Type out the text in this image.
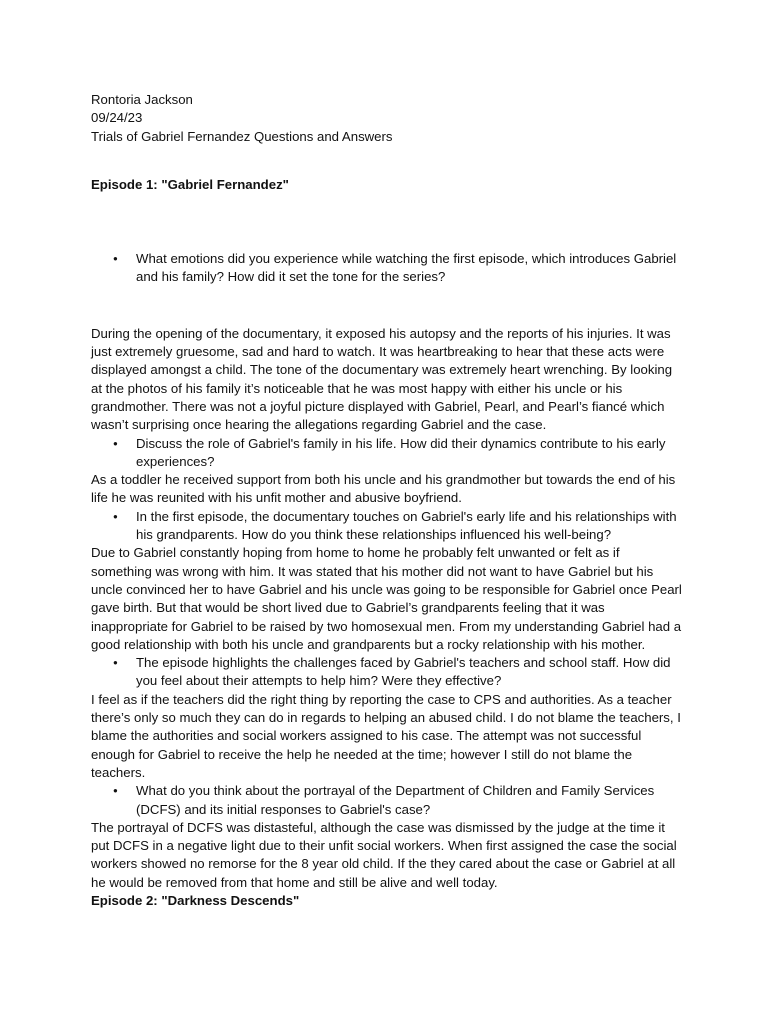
Rontoria Jackson

09/24/23

Trials of Gabriel Fernandez Questions and Answers

Episode 1: "Gabriel Fernandez"

● What emotions did you experience while watching the first episode, which introduces Gabriel and his family? How did it set the tone for the series?

During the opening of the documentary, it exposed his autopsy and the reports of his injuries. It was just extremely gruesome, sad and hard to watch. It was heartbreaking to hear that these acts were displayed amongst a child. The tone of the documentary was extremely heart wrenching. By looking at the photos of his family it’s noticeable that he was most happy with either his uncle or his grandmother. There was not a joyful picture displayed with Gabriel, Pearl, and Pearl’s fiancé which wasn’t surprising once hearing the allegations regarding Gabriel and the case.

● Discuss the role of Gabriel's family in his life. How did their dynamics contribute to his early experiences?

As a toddler he received support from both his uncle and his grandmother but towards the end of his life he was reunited with his unfit mother and abusive boyfriend.

● In the first episode, the documentary touches on Gabriel's early life and his relationships with his grandparents. How do you think these relationships influenced his well-being?

Due to Gabriel constantly hoping from home to home he probably felt unwanted or felt as if something was wrong with him. It was stated that his mother did not want to have Gabriel but his uncle convinced her to have Gabriel and his uncle was going to be responsible for Gabriel once Pearl gave birth. But that would be short lived due to Gabriel’s grandparents feeling that it was inappropriate for Gabriel to be raised by two homosexual men. From my understanding Gabriel had a good relationship with both his uncle and grandparents but a rocky relationship with his mother.

● The episode highlights the challenges faced by Gabriel's teachers and school staff. How did you feel about their attempts to help him? Were they effective?

I feel as if the teachers did the right thing by reporting the case to CPS and authorities. As a teacher there’s only so much they can do in regards to helping an abused child. I do not blame the teachers, I blame the authorities and social workers assigned to his case. The attempt was not successful enough for Gabriel to receive the help he needed at the time; however I still do not blame the teachers.

● What do you think about the portrayal of the Department of Children and Family Services (DCFS) and its initial responses to Gabriel's case?

The portrayal of DCFS was distasteful, although the case was dismissed by the judge at the time it put DCFS in a negative light due to their unfit social workers. When first assigned the case the social workers showed no remorse for the 8 year old child. If the they cared about the case or Gabriel at all he would be removed from that home and still be alive and well today.

Episode 2: "Darkness Descends"
